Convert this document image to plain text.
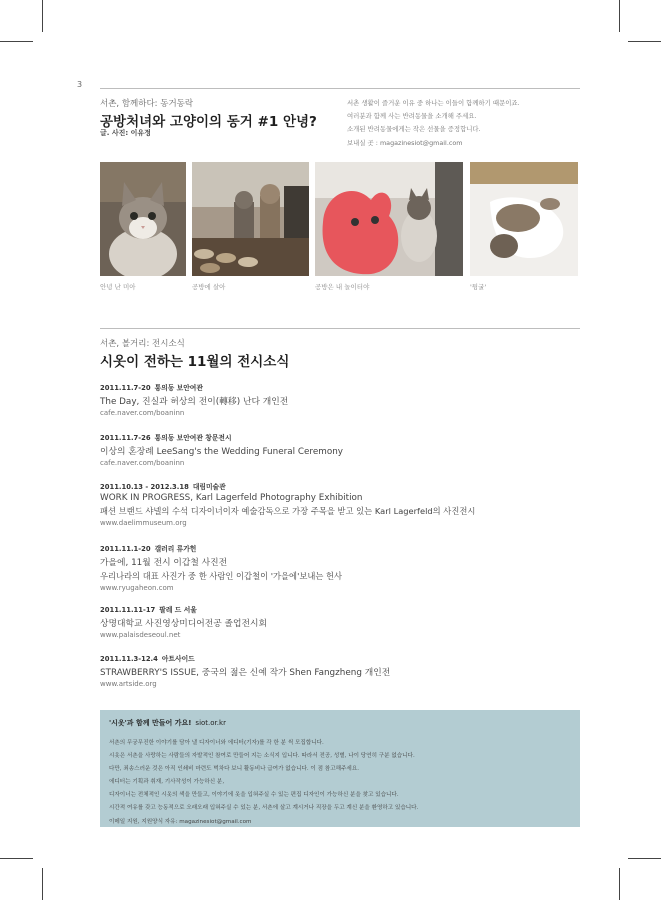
3
서촌, 함께하다: 동거동락
공방처녀와 고양이의 동거 #1 안녕?
글. 사진: 이유정
서촌 생활이 즐거운 이유 중 하나는 이들이 함께하기 때문이죠.
여러분과 함께 사는 반려동물을 소개해 주세요.
소개된 반려동물에게는 작은 선물을 증정합니다.
보내실 곳 : magazinesiot@gmail.com
안녕 난 미아	공방에 살아	공방은 내 놀이터야	'뒹굴'
서촌, 볼거리: 전시소식
시옷이 전하는 11월의 전시소식
2011.11.7-20 통의동 보안여관
The Day, 진실과 허상의 전이(轉移) 난다 개인전
cafe.naver.com/boaninn
2011.11.7-26 통의동 보안여관 창문전시
이상의 혼장례 LeeSang's the Wedding Funeral Ceremony
cafe.naver.com/boaninn
2011.10.13 - 2012.3.18 대림미술관
WORK IN PROGRESS, Karl Lagerfeld Photography Exhibition
패션 브랜드 샤넬의 수석 디자이너이자 예술감독으로 가장 주목을 받고 있는 Karl Lagerfeld의 사진전시
www.daelimmuseum.org
2011.11.1-20 갤러리 류가헌
가을에, 11월 전시 이갑철 사진전
우리나라의 대표 사진가 중 한 사람인 이갑철이 '가을에'보내는 헌사
www.ryugaheon.com
2011.11.11-17 팔레 드 서울
상명대학교 사진영상미디어전공 졸업전시회
www.palaisdeseoul.net
2011.11.3-12.4 아트사이드
STRAWBERRY'S ISSUE, 중국의 젊은 신예 작가 Shen Fangzheng 개인전
www.artside.org
'시옷'과 함께 만들어 가요! siot.or.kr
서촌의 무궁무진한 이야기를 담아 낼 디자이너와 에디터(기자)를 각 한 분 씩 모집합니다.
시옷은 서촌을 사랑하는 사람들의 자발적인 참여로 만들어 지는 소식지 입니다. 따라서 전공, 성별, 나이 당연히 구분 없습니다.
다만, 죄송스러운 것은 아직 인쇄비 마련도 벅차다 보니 활동비나 급여가 없습니다. 이 점 참고해주세요.
에디터는 기획과 취재, 기사작성이 가능하신 분,
디자이너는 전체적인 시옷의 색을 만들고, 이야기에 옷을 입혀주실 수 있는 편집 디자인이 가능하신 분을 찾고 있습니다.
시간적 여유를 갖고 능동적으로 오래오래 입혀주실 수 있는 분, 서촌에 살고 계시거나 직장을 두고 계신 분을 환영하고 있습니다.
이메일 지원, 지원양식 자유: magazinesiot@gmail.com
